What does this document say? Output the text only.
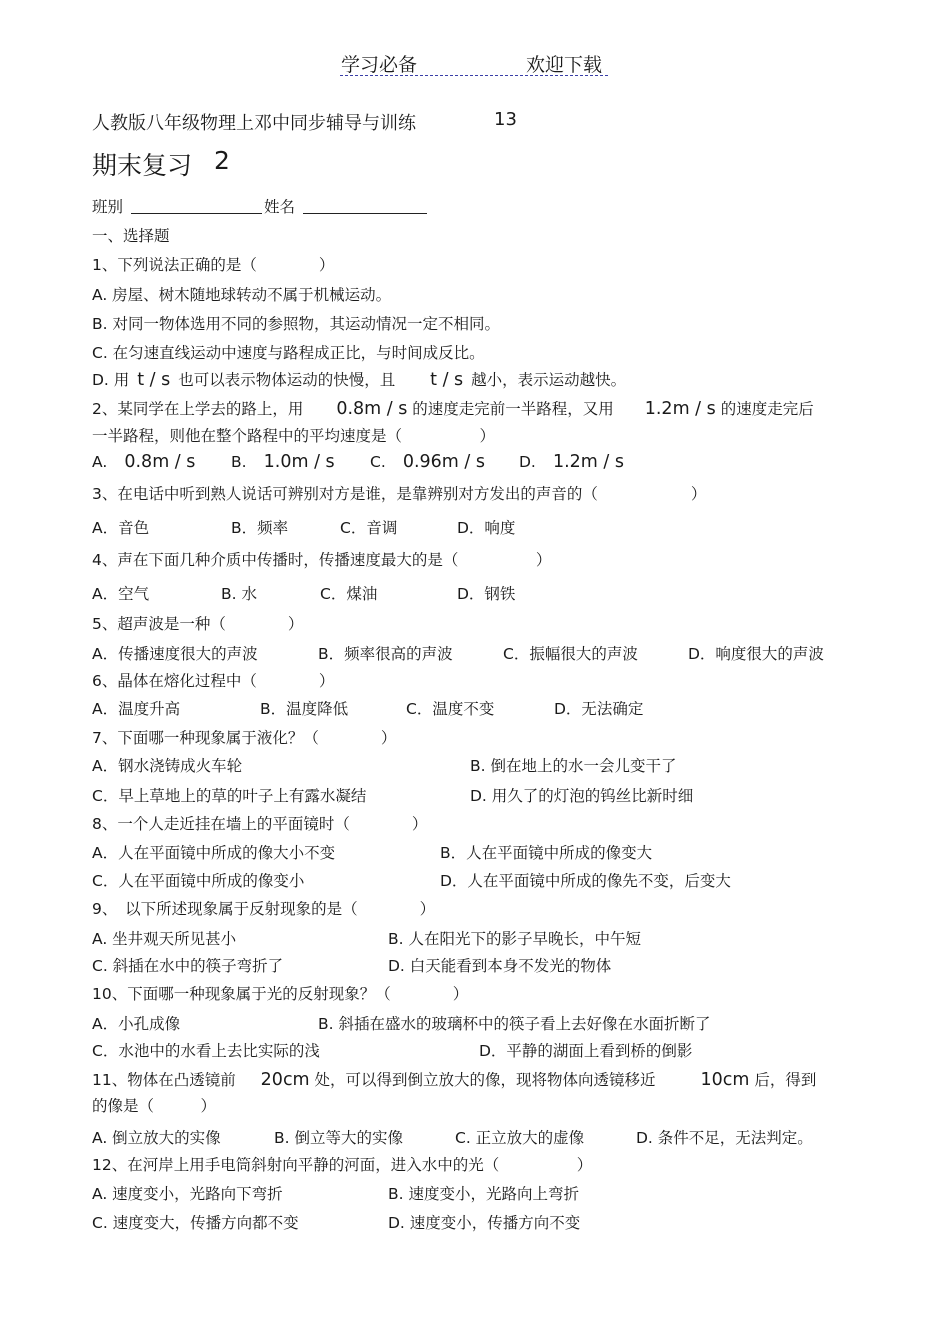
学习必备	欢迎下载
人教版八年级物理上邓中同步辅导与训练	13
期末复习 2
班别	姓名
一、选择题
1、下列说法正确的是（　　　　）
A. 房屋、树木随地球转动不属于机械运动。
B. 对同一物体选用不同的参照物，其运动情况一定不相同。
C. 在匀速直线运动中速度与路程成正比，与时间成反比。
D. 用 t / s 也可以表示物体运动的快慢，且 t / s 越小，表示运动越快。
2、某同学在上学去的路上，用 0.8m / s 的速度走完前一半路程，又用 1.2m / s 的速度走完后
一半路程，则他在整个路程中的平均速度是（　　　　　）
A. 0.8m / s B. 1.0m / s C. 0.96m / s D. 1.2m / s
3、在电话中听到熟人说话可辨别对方是谁，是靠辨别对方发出的声音的（　　　　　　）
A．音色	B．频率	C．音调	D．响度
4、声在下面几种介质中传播时，传播速度最大的是（　　　　　）
A．空气	B. 水	C．煤油	D．钢铁
5、超声波是一种（　　　　）
A．传播速度很大的声波	B．频率很高的声波	C．振幅很大的声波	D．响度很大的声波
6、晶体在熔化过程中（　　　　）
A．温度升高	B．温度降低	C．温度不变	D．无法确定
7、下面哪一种现象属于液化？（　　　　）
A．钢水浇铸成火车轮	B. 倒在地上的水一会儿变干了
C．早上草地上的草的叶子上有露水凝结	D. 用久了的灯泡的钨丝比新时细
8、一个人走近挂在墙上的平面镜时（　　　　）
A．人在平面镜中所成的像大小不变	B．人在平面镜中所成的像变大
C．人在平面镜中所成的像变小	D．人在平面镜中所成的像先不变，后变大
9、　以下所述现象属于反射现象的是（　　　　）
A. 坐井观天所见甚小	B. 人在阳光下的影子早晚长，中午短
C. 斜插在水中的筷子弯折了	D. 白天能看到本身不发光的物体
10、下面哪一种现象属于光的反射现象？（　　　　）
A．小孔成像	B. 斜插在盛水的玻璃杯中的筷子看上去好像在水面折断了
C．水池中的水看上去比实际的浅	D．平静的湖面上看到桥的倒影
11、物体在凸透镜前 20cm 处，可以得到倒立放大的像，现将物体向透镜移近	10cm 后，得到
的像是（　　　）
A. 倒立放大的实像	B. 倒立等大的实像	C. 正立放大的虚像	D. 条件不足，无法判定。
12、在河岸上用手电筒斜射向平静的河面，进入水中的光（　　　　　）
A. 速度变小，光路向下弯折	B. 速度变小，光路向上弯折
C. 速度变大，传播方向都不变	D. 速度变小，传播方向不变
